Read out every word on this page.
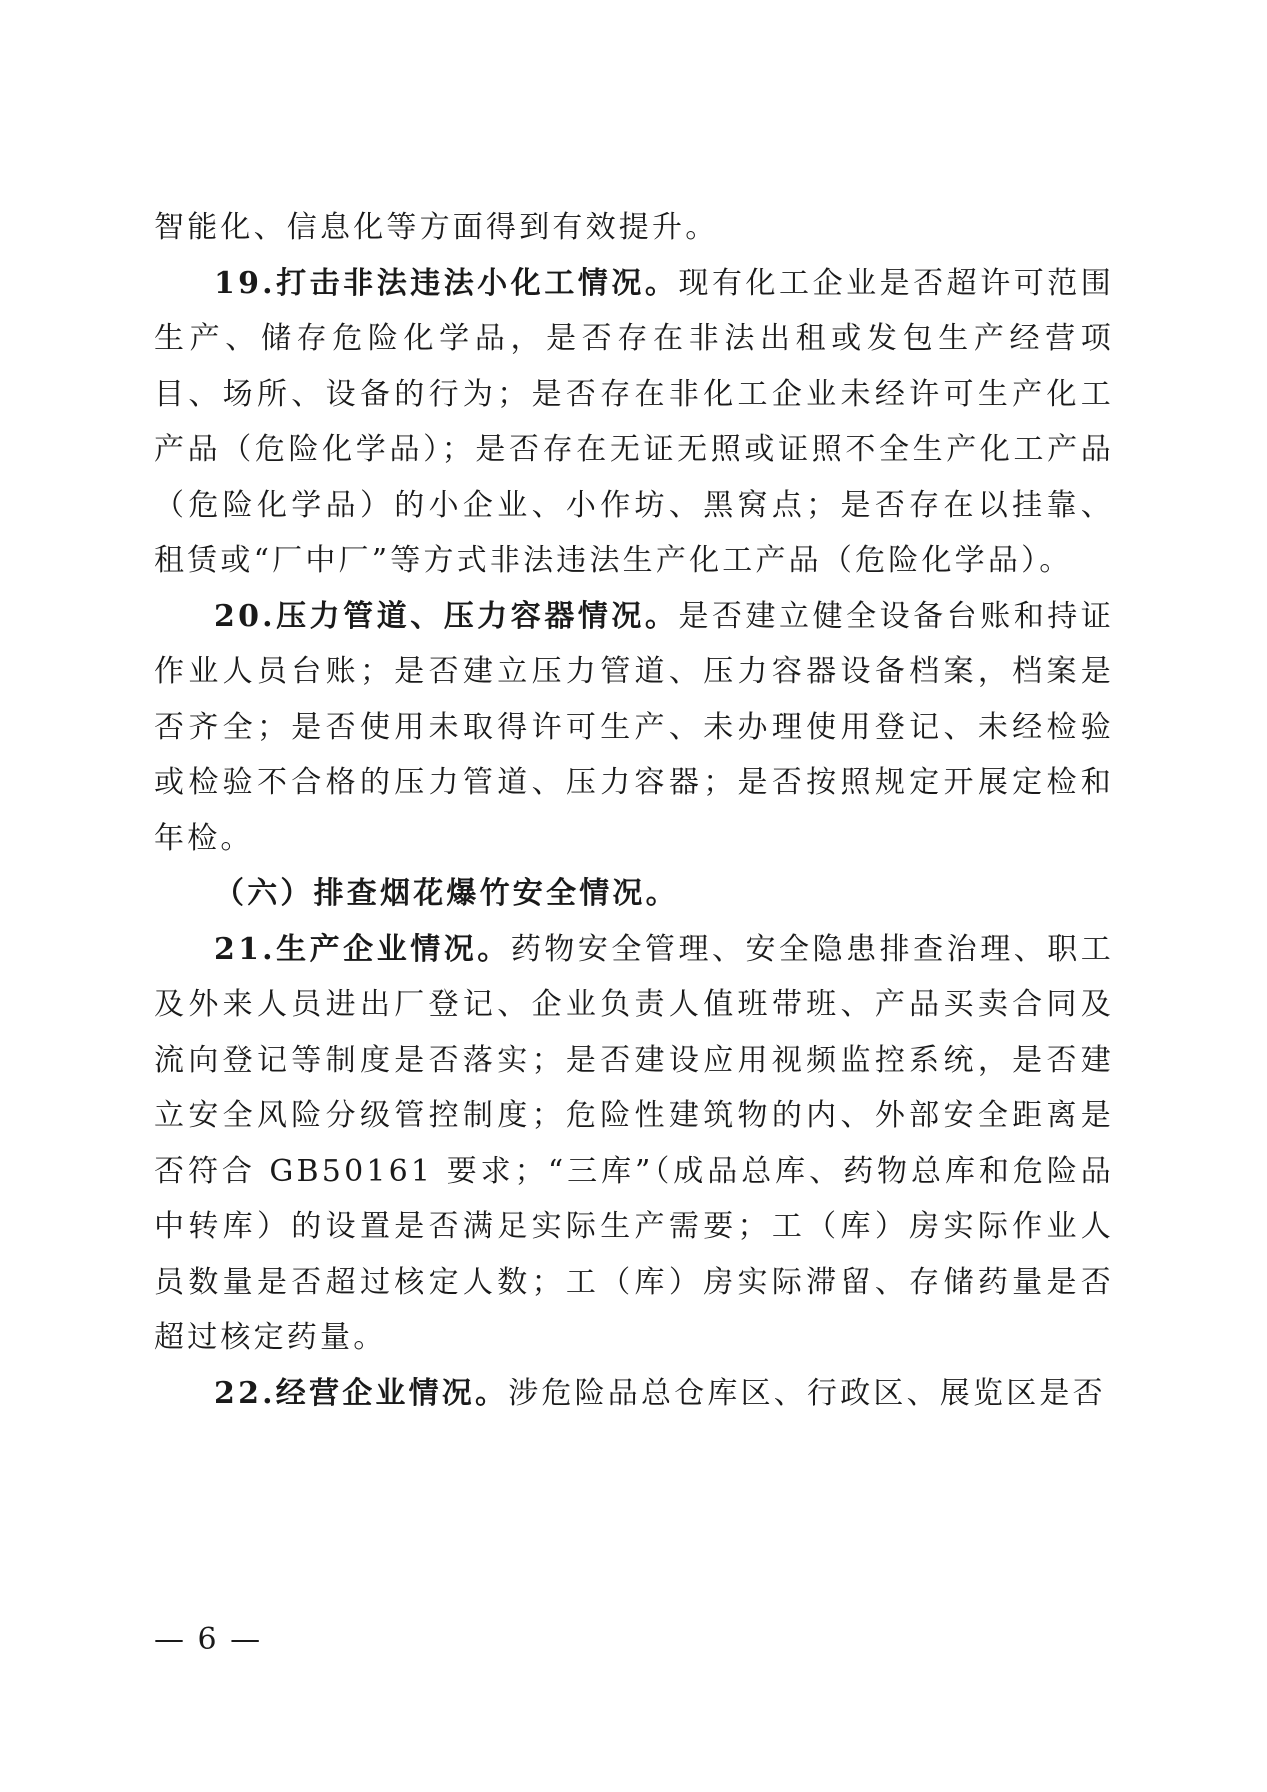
智能化、信息化等方面得到有效提升。

19.打击非法违法小化工情况。现有化工企业是否超许可范围生产、储存危险化学品，是否存在非法出租或发包生产经营项目、场所、设备的行为；是否存在非化工企业未经许可生产化工产品（危险化学品）；是否存在无证无照或证照不全生产化工产品（危险化学品）的小企业、小作坊、黑窝点；是否存在以挂靠、租赁或“厂中厂”等方式非法违法生产化工产品（危险化学品）。

20.压力管道、压力容器情况。是否建立健全设备台账和持证作业人员台账；是否建立压力管道、压力容器设备档案，档案是否齐全；是否使用未取得许可生产、未办理使用登记、未经检验或检验不合格的压力管道、压力容器；是否按照规定开展定检和年检。

（六）排查烟花爆竹安全情况。

21.生产企业情况。药物安全管理、安全隐患排查治理、职工及外来人员进出厂登记、企业负责人值班带班、产品买卖合同及流向登记等制度是否落实；是否建设应用视频监控系统，是否建立安全风险分级管控制度；危险性建筑物的内、外部安全距离是否符合 GB50161 要求；“三库”（成品总库、药物总库和危险品中转库）的设置是否满足实际生产需要；工（库）房实际作业人员数量是否超过核定人数；工（库）房实际滞留、存储药量是否超过核定药量。

22.经营企业情况。涉危险品总仓库区、行政区、展览区是否

— 6 —
